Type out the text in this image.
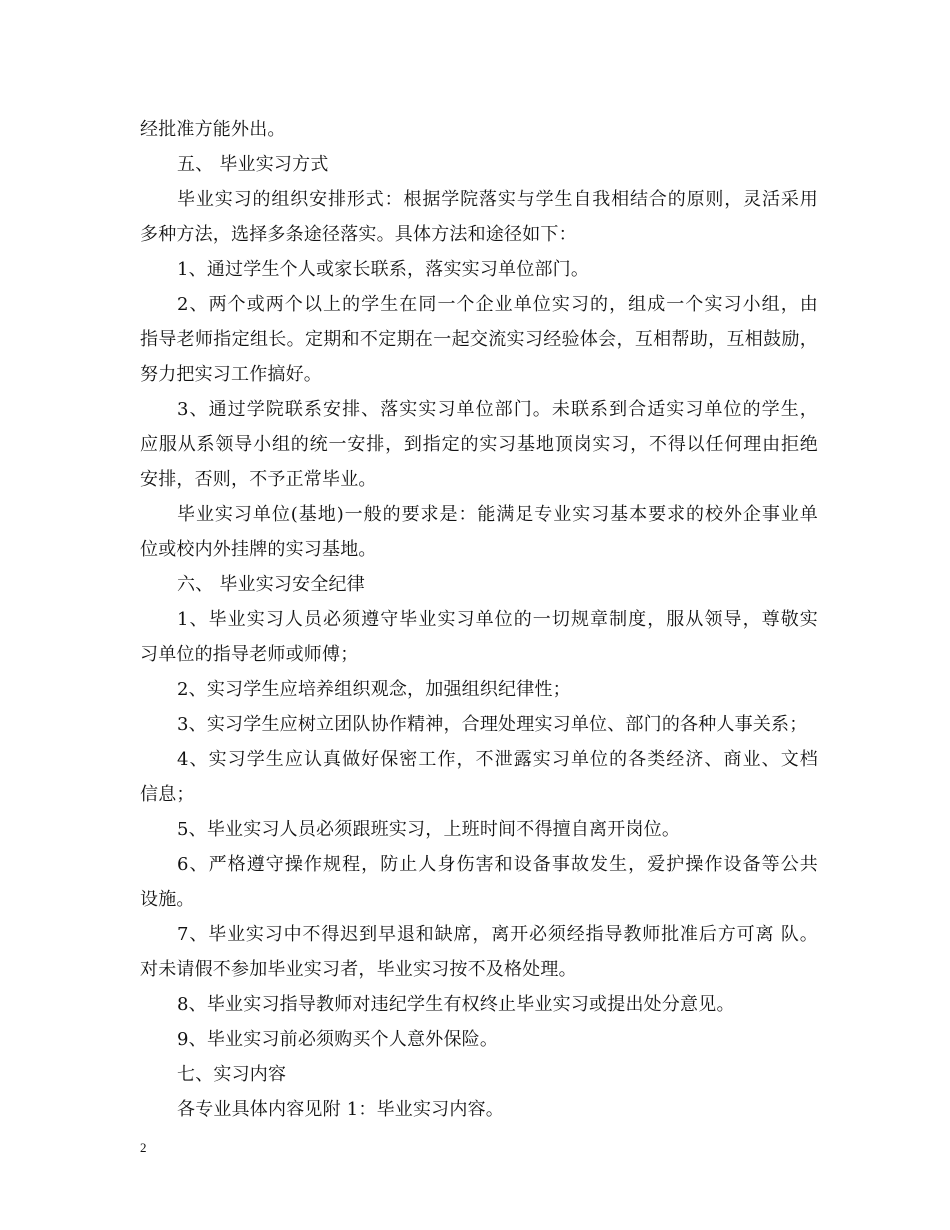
经批准方能外出。
五、 毕业实习方式
毕业实习的组织安排形式：根据学院落实与学生自我相结合的原则，灵活采用
多种方法，选择多条途径落实。具体方法和途径如下：
1、通过学生个人或家长联系，落实实习单位部门。
2、两个或两个以上的学生在同一个企业单位实习的，组成一个实习小组，由
指导老师指定组长。定期和不定期在一起交流实习经验体会，互相帮助，互相鼓励，
努力把实习工作搞好。
3、通过学院联系安排、落实实习单位部门。未联系到合适实习单位的学生，
应服从系领导小组的统一安排，到指定的实习基地顶岗实习，不得以任何理由拒绝
安排，否则，不予正常毕业。
毕业实习单位(基地)一般的要求是：能满足专业实习基本要求的校外企事业单
位或校内外挂牌的实习基地。
六、 毕业实习安全纪律
1、毕业实习人员必须遵守毕业实习单位的一切规章制度，服从领导，尊敬实
习单位的指导老师或师傅；
2、实习学生应培养组织观念，加强组织纪律性；
3、实习学生应树立团队协作精神，合理处理实习单位、部门的各种人事关系；
4、实习学生应认真做好保密工作，不泄露实习单位的各类经济、商业、文档
信息；
5、毕业实习人员必须跟班实习，上班时间不得擅自离开岗位。
6、严格遵守操作规程，防止人身伤害和设备事故发生，爱护操作设备等公共
设施。
7、毕业实习中不得迟到早退和缺席，离开必须经指导教师批准后方可离 队。
对未请假不参加毕业实习者，毕业实习按不及格处理。
8、毕业实习指导教师对违纪学生有权终止毕业实习或提出处分意见。
9、毕业实习前必须购买个人意外保险。
七、实习内容
各专业具体内容见附 1：毕业实习内容。
2
